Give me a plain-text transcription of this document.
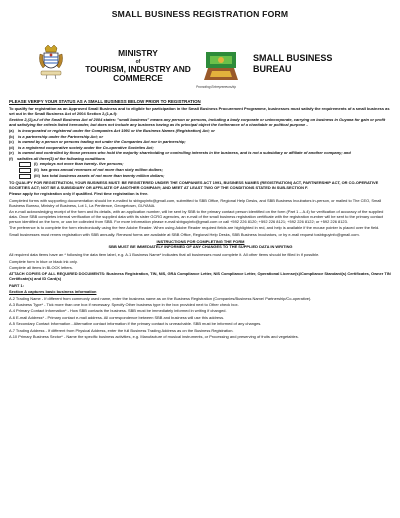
SMALL BUSINESS REGISTRATION FORM
MINISTRY
of
TOURISM, INDUSTRY AND
COMMERCE
Promoting Entrepreneurship
SMALL BUSINESS
BUREAU
PLEASE VERIFY YOUR STATUS AS A SMALL BUSINESS BELOW PRIOR TO REGISTRATION
To qualify for registration as an Approved Small Business and to eligible for participation in the Small Business Procurement Programme, businesses must satisfy the requirements of a small business as set out in the Small Business Act of 2004 Section 2,(1,a-f):
Section 2,(1),a-f of the Small Business Act of 2004 states: "small business" means any person or persons, including a body corporate or unincorporate, carrying on business in Guyana for gain or profit and satisfying the criteria listed hereunder, but does not include any business having as its principal object the furtherance of a charitable or political purpose -
(a) is incorporated or registered under the Companies Act 1991 or the Business Names (Registration) Act; or
(b) is a partnership under the Partnership Act; or
(c) is owned by a person or persons trading not under the Companies Act nor in partnership;
(d) is a registered cooperative society under the Co-operative Societies Act;
(e) is owned and controlled by those persons who hold the majority shareholding or controlling interests in the business, and is not a subsidiary or affiliate of another company; and
(f) satisfies all three(3) of the following conditions
(i) employs not more than twenty- five persons;
(ii) has gross annual revenues of not more than sixty million dollars;
(iii) has total business assets of not more than twenty million dollars;
TO QUALIFY FOR REGISTRATION, YOUR BUSINESS MUST: BE REGISTERED UNDER THE COMPANIES ACT 1991, BUSINESS NAMES (REGISTRATION) ACT, PARTNERSHIP ACT, OR CO-OPERATIVE SOCIETIES ACT; NOT BE A SUBSIDIARY OR AFFILIATE OF ANOTHER COMPANY; AND MEET AT LEAST TWO OF THE CONDITIONS STATED IN SUB-SECTION F.
Please apply for registration only if qualified. First time registration is free.
Completed forms with supporting documentation should be e-mailed to sbbguyinfo@gmail.com, submitted to SBB Office, Regional Help Desks, and SBB Business Incubators in-person, or mailed to The CEO, Small Business Bureau, Ministry of Business, Lot 1, La Penitence, Georgetown, GUYANA.
An e-mail acknowledging receipt of the form and its details, with an application number, will be sent by SBB to the primary contact person identified on the form (Part 1 – A.4) for verification of accuracy of the supplied data. Once SBB completes internal verification of the supplied data with its sister GCRG agencies, an e-mail of the small business registration certificate with the registration number will be sent to the primary contact person identified on the form, or can be collected from SBB. For more information please e-mail sbbguyinfo@gmail.com or call +592 226 8120; +592 226 8121; +592 226 8122; or +592 226 8123.
The preference is to complete the form electronically using the free Adobe Reader. When using Adobe Reader required fields are highlighted in red, and help is available if the mouse pointer is placed over the field.
Small businesses must renew registration with SBB annually. Renewal forms are available at SBB Office, Regional Help Desks, SBB Business Incubators, or by e-mail request tosbbguyinfo@gmail.com.
INSTRUCTIONS FOR COMPLETING THE FORM
SBB MUST BE IMMEDIATELY INFORMED OF ANY CHANGES TO THE SUPPLIED DATA IN WRITING
All required data items have an * following the data item label, e.g. A.1 Business Name* indicates that all businesses must complete it. All other items should be filled in if possible.
Complete form in blue or black ink only.
Complete all items in BLOCK letters.
ATTACH COPIES OF ALL REQUIRED DOCUMENTS: Business Registration, TIN, NIS, GRA Compliance Letter, NIS Compliance Letter, Operational License(s)/Compliance Standard(s) Certificates, Owner TIN Certificate(s) and ID Card(s)
PART 1:
Section A captures basic business information
A.2 Trading Name - If different from commonly used name, enter the business name as on the Business Registration (Companies/Business Name/ Partnership/Co-operative).
A.3 Business Type* - Tick more than one box if necessary. Specify Other business type in the box provided next to Other check box.
A.4 Primary Contact Information* - How SBB contacts the business. SBB must be immediately informed in writing if changed.
A.6 E-mail Address* - Primary contact e-mail address. All correspondence between SBB and business will use this address.
A.5 Secondary Contact Information - Alternative contact information if the primary contact is unreachable. SBB must be informed of any changes.
A.7 Trading Address - If different from Physical Address, enter the full Business Trading Address as on the Business Registration.
A.10 Primary Business Sector* - Name the specific business activities, e.g. Manufacture of musical instruments, or Processing and preserving of fruits and vegetables.
